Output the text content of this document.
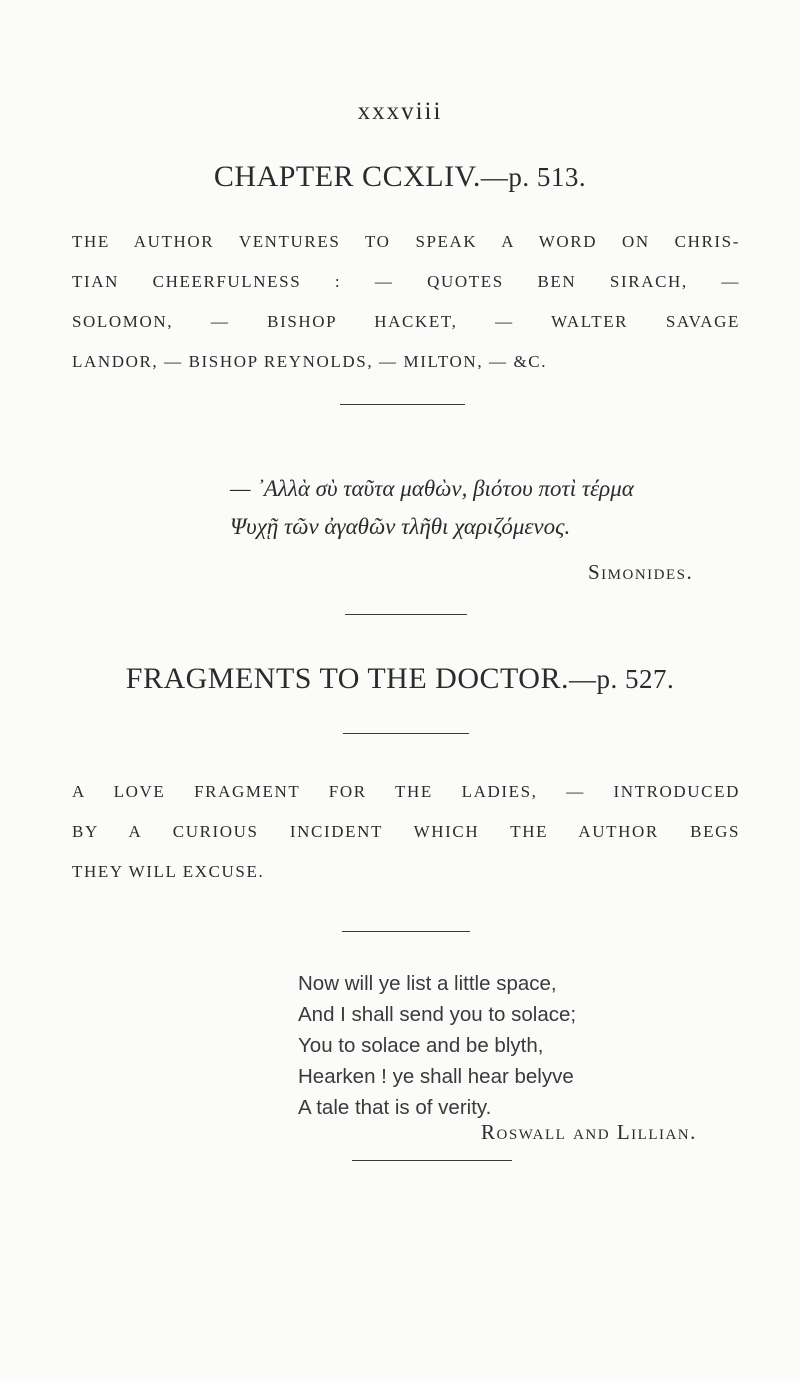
xxxviii
CHAPTER CCXLIV.—p. 513.
THE AUTHOR VENTURES TO SPEAK A WORD ON CHRIS-
TIAN CHEERFULNESS : — QUOTES BEN SIRACH, —
SOLOMON, — BISHOP HACKET, — WALTER SAVAGE
LANDOR, — BISHOP REYNOLDS, — MILTON, — &C.
— ᾽Αλλὰ σὺ ταῦτα μαθὼν, βιότου ποτὶ τέρμα
Ψυχῇ τῶν ἀγαθῶν τλῆθι χαριζόμενος.
Simonides.
FRAGMENTS TO THE DOCTOR.—p. 527.
A LOVE FRAGMENT FOR THE LADIES, — INTRODUCED
BY A CURIOUS INCIDENT WHICH THE AUTHOR BEGS
THEY WILL EXCUSE.
Now will ye list a little space,
And I shall send you to solace;
You to solace and be blyth,
Hearken ! ye shall hear belyve
A tale that is of verity.
Roswall and Lillian.
